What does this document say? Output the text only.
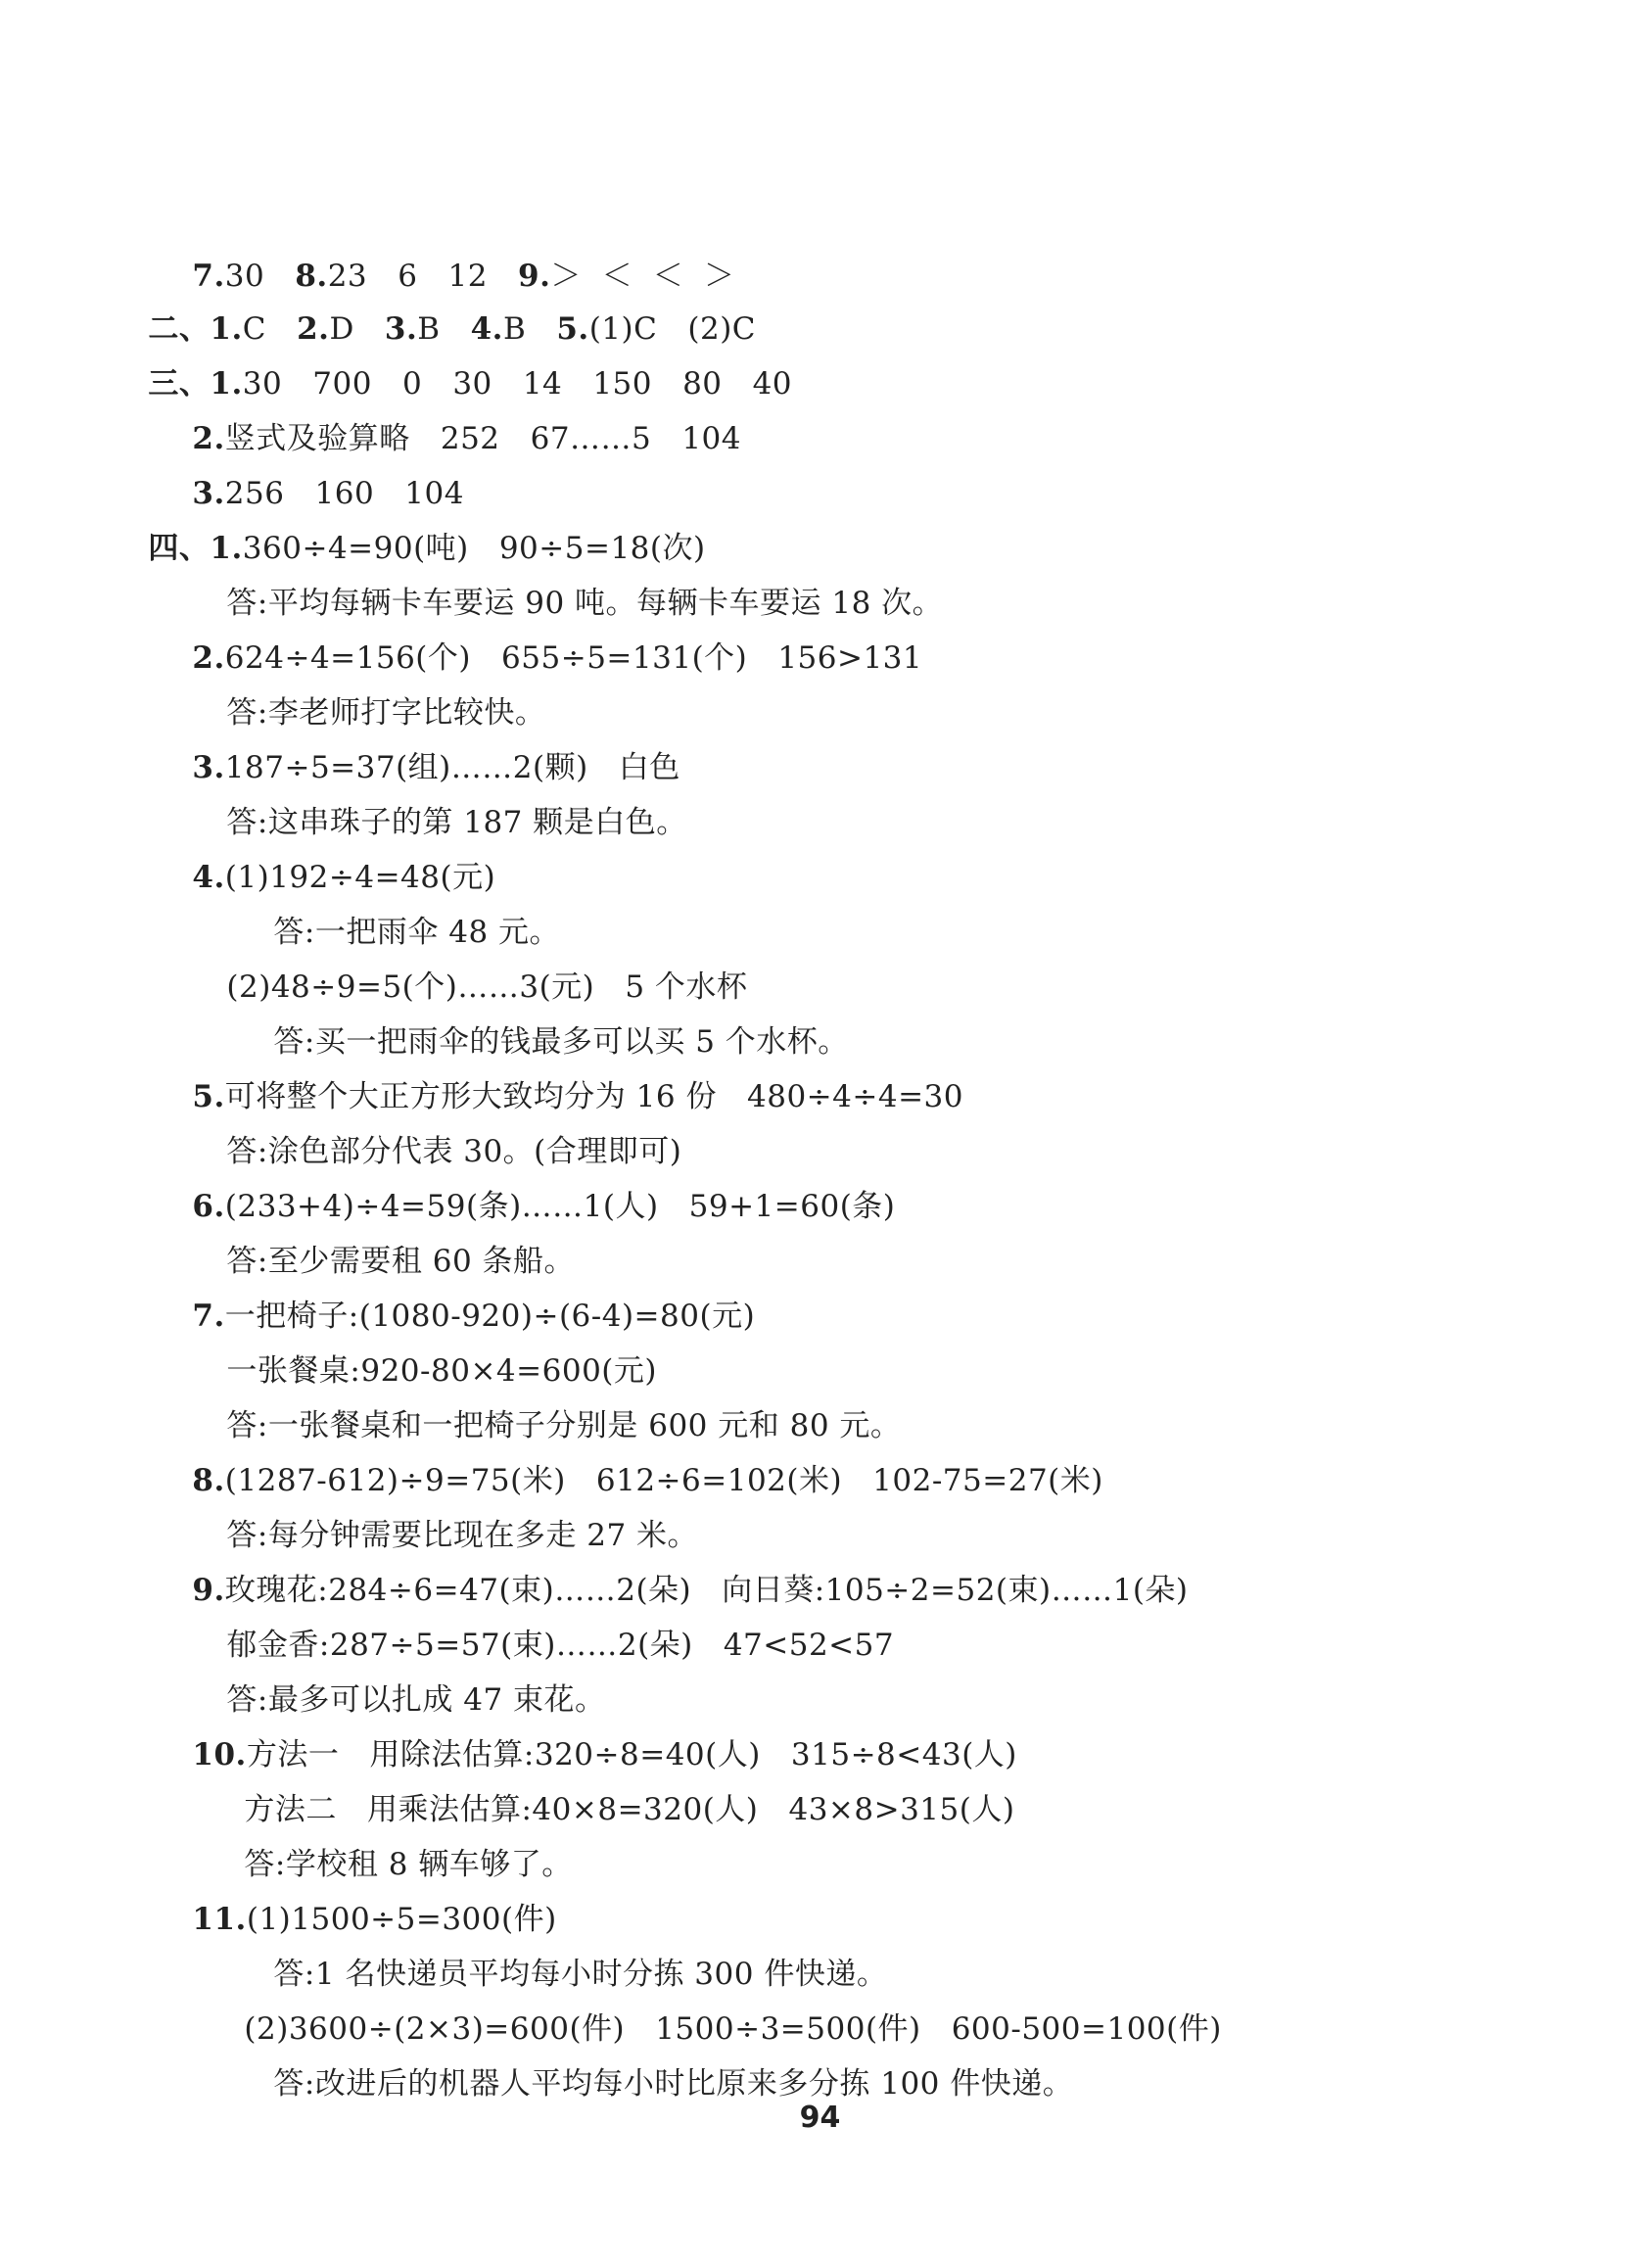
7.30   8.23   6   12   9.＞  ＜  ＜  ＞

二、1.C   2.D   3.B   4.B   5.(1)C   (2)C

三、1.30   700   0   30   14   150   80   40

2.竖式及验算略   252   67……5   104

3.256   160   104

四、1.360÷4=90(吨)   90÷5=18(次)

答:平均每辆卡车要运 90 吨。每辆卡车要运 18 次。

2.624÷4=156(个)   655÷5=131(个)   156>131

答:李老师打字比较快。

3.187÷5=37(组)……2(颗)   白色

答:这串珠子的第 187 颗是白色。

4.(1)192÷4=48(元)

答:一把雨伞 48 元。

(2)48÷9=5(个)……3(元)   5 个水杯

答:买一把雨伞的钱最多可以买 5 个水杯。

5.可将整个大正方形大致均分为 16 份   480÷4÷4=30

答:涂色部分代表 30。(合理即可)

6.(233+4)÷4=59(条)……1(人)   59+1=60(条)

答:至少需要租 60 条船。

7.一把椅子:(1080-920)÷(6-4)=80(元)

一张餐桌:920-80×4=600(元)

答:一张餐桌和一把椅子分别是 600 元和 80 元。

8.(1287-612)÷9=75(米)   612÷6=102(米)   102-75=27(米)

答:每分钟需要比现在多走 27 米。

9.玫瑰花:284÷6=47(束)……2(朵)   向日葵:105÷2=52(束)……1(朵)

郁金香:287÷5=57(束)……2(朵)   47<52<57

答:最多可以扎成 47 束花。

10.方法一   用除法估算:320÷8=40(人)   315÷8<43(人)

方法二   用乘法估算:40×8=320(人)   43×8>315(人)

答:学校租 8 辆车够了。

11.(1)1500÷5=300(件)

答:1 名快递员平均每小时分拣 300 件快递。

(2)3600÷(2×3)=600(件)   1500÷3=500(件)   600-500=100(件)

答:改进后的机器人平均每小时比原来多分拣 100 件快递。

94
